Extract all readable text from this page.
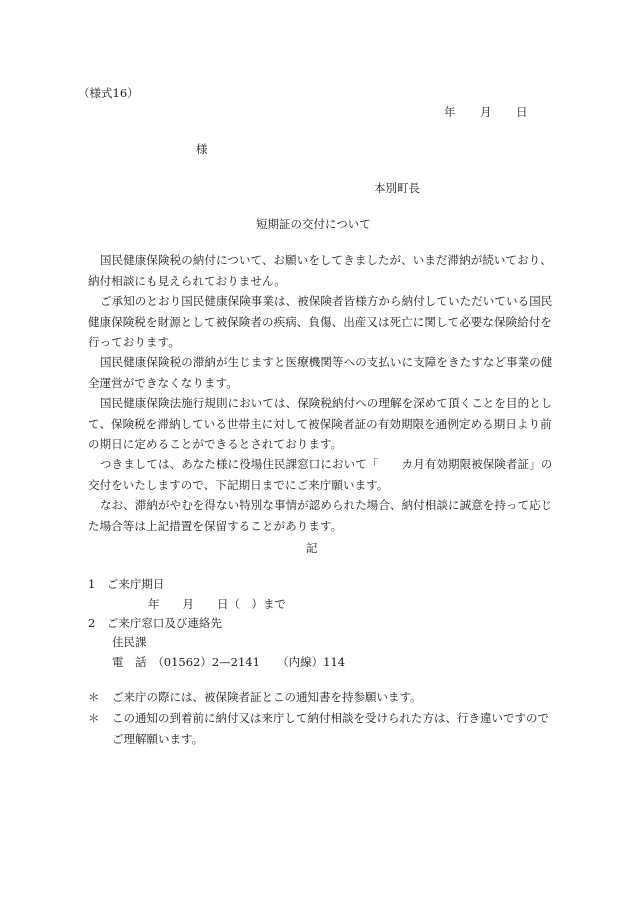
（様式16）
年　　月　　日
様
本別町長
短期証の交付について

国民健康保険税の納付について、お願いをしてきましたが、いまだ滞納が続いており、納付相談にも見えられておりません。

ご承知のとおり国民健康保険事業は、被保険者皆様方から納付していただいている国民健康保険税を財源として被保険者の疾病、負傷、出産又は死亡に関して必要な保険給付を行っております。

国民健康保険税の滞納が生じますと医療機関等への支払いに支障をきたすなど事業の健全運営ができなくなります。

国民健康保険法施行規則においては、保険税納付への理解を深めて頂くことを目的として、保険税を滞納している世帯主に対して被保険者証の有効期限を通例定める期日より前の期日に定めることができるとされております。

つきましては、あなた様に役場住民課窓口において「　　カ月有効期限被保険者証」の交付をいたしますので、下記期日までにご来庁願います。

なお、滞納がやむを得ない特別な事情が認められた場合、納付相談に誠意を持って応じた場合等は上記措置を保留することがあります。

記
1　ご来庁期日
年　　月　　日（　）まで
2　ご来庁窓口及び連絡先
住民課
電　話　（01562）2—2141　　（内線）114

＊ ご来庁の際には、被保険者証とこの通知書を持参願います。

＊	この通知の到着前に納付又は来庁して納付相談を受けられた方は、行き違いですのでご理解願います。
